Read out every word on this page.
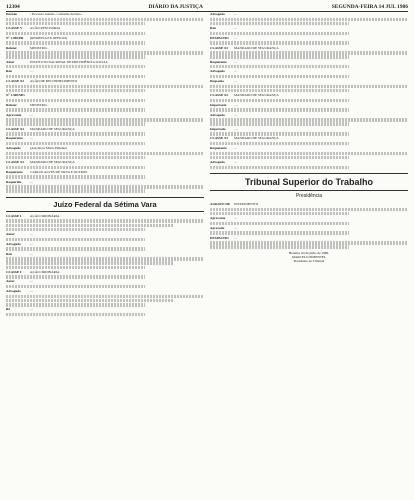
12304	DIÁRIO DA JUSTIÇA	SEGUNDA-FEIRA 14 JUL 1986
Decisão	: Processo sustado, conforme decisão...
CLASSE V AÇÃO RESCISÓRIA
Nº 1.000/PR (REMESSA EX OFFICIO)
Relator	MINISTRO...
Autor	INSTITUTO NACIONAL DE PREVIDÊNCIA SOCIAL
Réu	...
CLASSE XI AÇÃO DE RECONHECIMENTO
Nº 1.500/MG
Relator	MINISTRO...
Agravante	...
CLASSE XI MANDADO DE SEGURANÇA
Requerente ...
Advogado	(Ass) Rosa Maria Pimentel
CLASSE XI MANDADO DE SEGURANÇA
Requerente CARLOS ALVES DE SILVA E OUTROS
Requerido	...
Juízo Federal da Sétima Vara
CLASSE I	AÇÃO ORDINÁRIA
Autor	...
Advogado	...
Réu	...
CLASSE I	AÇÃO ORDINÁRIA
Autor	...
Advogado	...
Ré	...
Advogado	...
Réu	...
DESPACHO ...
CLASSE XI MANDADO DE SEGURANÇA
Requerente ...
Advogado	...
Despacho	...
CLASSE XI MANDADO DE SEGURANÇA
Impetrante ...
Advogado	...
Impetrado	...
CLASSE XI MANDADO DE SEGURANÇA
Requerente ...
Advogado	...
Tribunal Superior do Trabalho
Presidência
AGRAVO DE INSTRUMENTO
Agravante	...
Agravado	...
DESPACHO ...
Brasília, 04 de julho de 1986.
MARCELO PIMENTEL
Presidente do Tribunal
